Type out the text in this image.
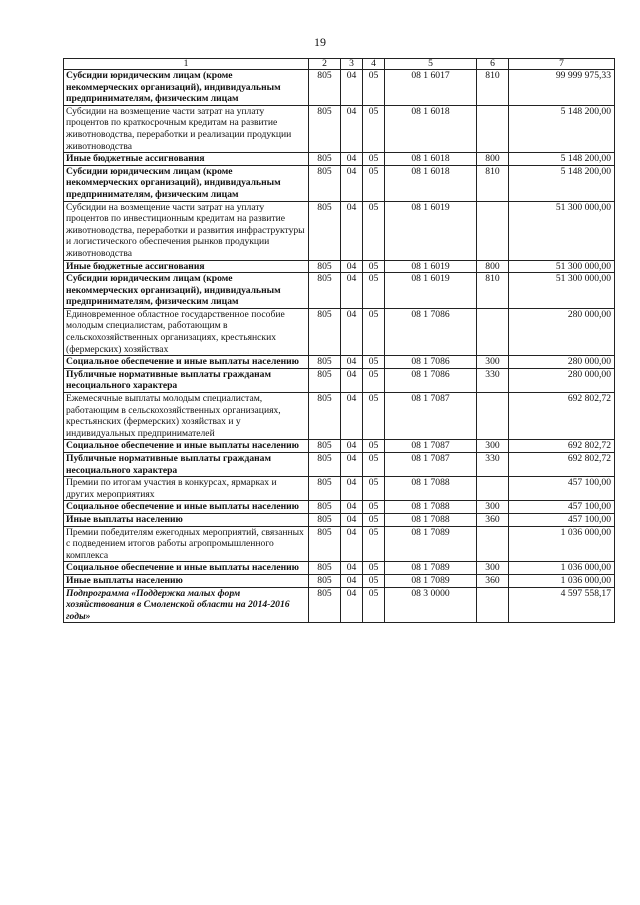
19
1	2	3	4	5	6	7
Субсидии юридическим лицам (кроме некоммерческих организаций), индивидуальным предпринимателям, физическим лицам	805	04	05	08 1 6017	810	99 999 975,33
Субсидии на возмещение части затрат на уплату процентов по краткосрочным кредитам на развитие животноводства, переработки и реализации продукции животноводства	805	04	05	08 1 6018		5 148 200,00
Иные бюджетные ассигнования	805	04	05	08 1 6018	800	5 148 200,00
Субсидии юридическим лицам (кроме некоммерческих организаций), индивидуальным предпринимателям, физическим лицам	805	04	05	08 1 6018	810	5 148 200,00
Субсидии на возмещение части затрат на уплату процентов по инвестиционным кредитам на развитие животноводства, переработки и развития инфраструктуры и логистического обеспечения рынков продукции животноводства	805	04	05	08 1 6019		51 300 000,00
Иные бюджетные ассигнования	805	04	05	08 1 6019	800	51 300 000,00
Субсидии юридическим лицам (кроме некоммерческих организаций), индивидуальным предпринимателям, физическим лицам	805	04	05	08 1 6019	810	51 300 000,00
Единовременное областное государственное пособие молодым специалистам, работающим в сельскохозяйственных организациях, крестьянских (фермерских) хозяйствах	805	04	05	08 1 7086		280 000,00
Социальное обеспечение и иные выплаты населению	805	04	05	08 1 7086	300	280 000,00
Публичные нормативные выплаты гражданам несоциального характера	805	04	05	08 1 7086	330	280 000,00
Ежемесячные выплаты молодым специалистам, работающим в сельскохозяйственных организациях, крестьянских (фермерских) хозяйствах и у индивидуальных предпринимателей	805	04	05	08 1 7087		692 802,72
Социальное обеспечение и иные выплаты населению	805	04	05	08 1 7087	300	692 802,72
Публичные нормативные выплаты гражданам несоциального характера	805	04	05	08 1 7087	330	692 802,72
Премии по итогам участия в конкурсах, ярмарках и других мероприятиях	805	04	05	08 1 7088		457 100,00
Социальное обеспечение и иные выплаты населению	805	04	05	08 1 7088	300	457 100,00
Иные выплаты населению	805	04	05	08 1 7088	360	457 100,00
Премии победителям ежегодных мероприятий, связанных с подведением итогов работы агропромышленного комплекса	805	04	05	08 1 7089		1 036 000,00
Социальное обеспечение и иные выплаты населению	805	04	05	08 1 7089	300	1 036 000,00
Иные выплаты населению	805	04	05	08 1 7089	360	1 036 000,00
Подпрограмма «Поддержка малых форм хозяйствования в Смоленской области на 2014-2016 годы»	805	04	05	08 3 0000		4 597 558,17
